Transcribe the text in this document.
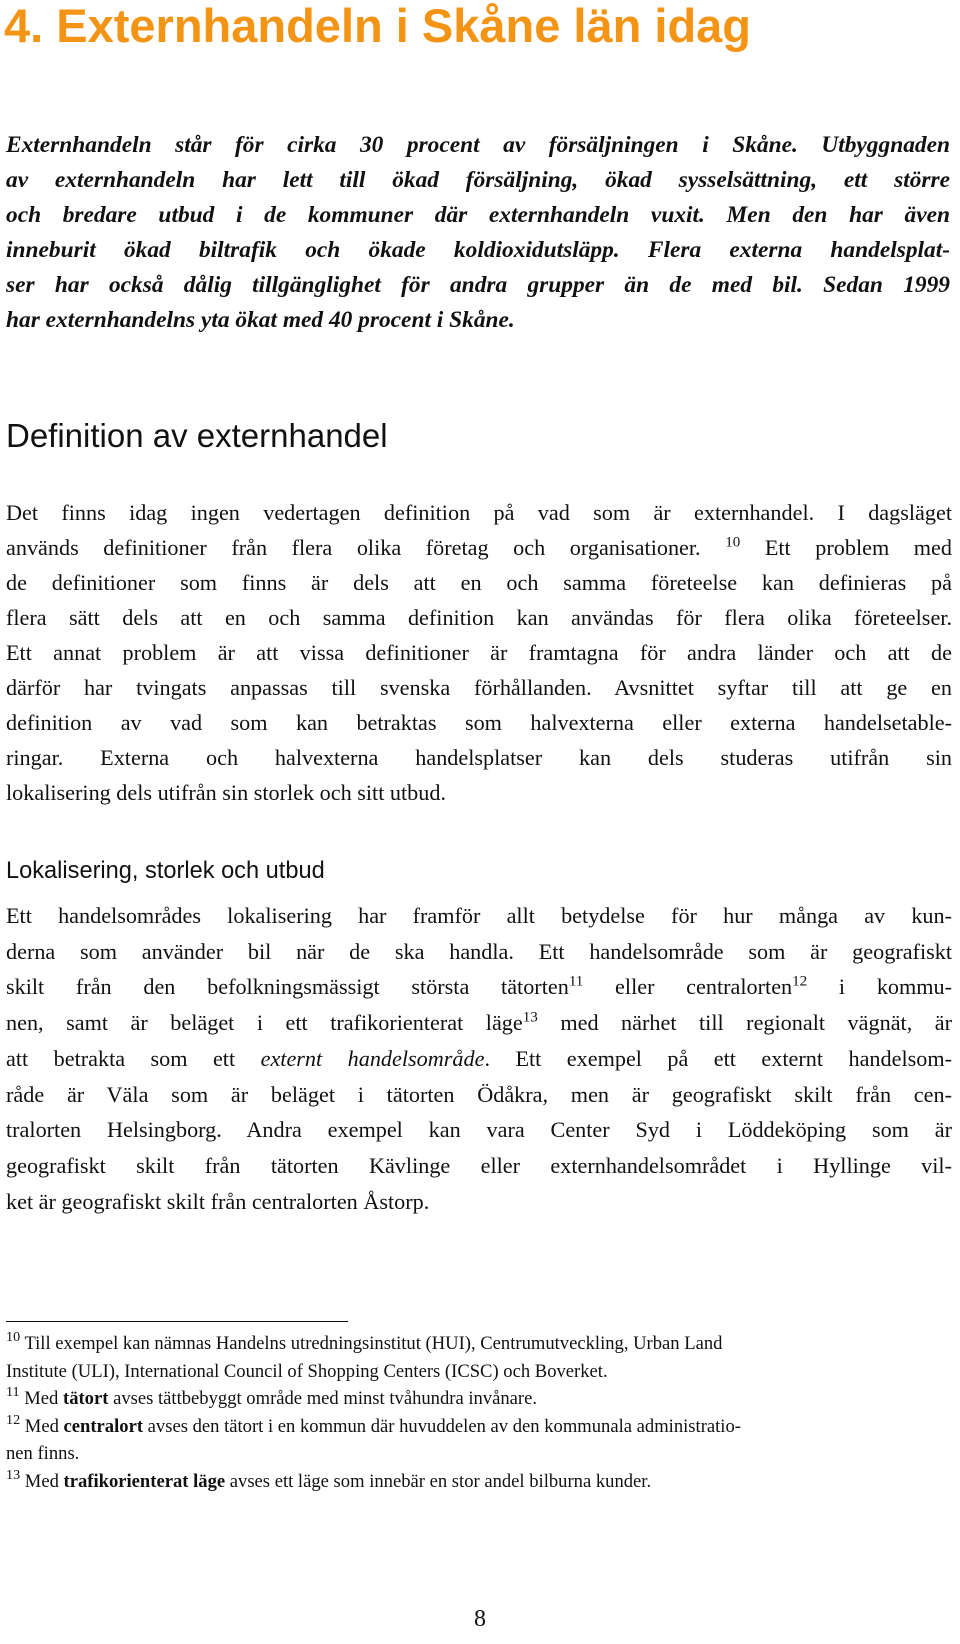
4. Externhandeln i Skåne län idag
Externhandeln står för cirka 30 procent av försäljningen i Skåne. Utbyggnaden
av externhandeln har lett till ökad försäljning, ökad sysselsättning, ett större
och bredare utbud i de kommuner där externhandeln vuxit. Men den har även
inneburit ökad biltrafik och ökade koldioxidutsläpp. Flera externa handelsplat-
ser har också dålig tillgänglighet för andra grupper än de med bil. Sedan 1999
har externhandelns yta ökat med 40 procent i Skåne.
Definition av externhandel
Det finns idag ingen vedertagen definition på vad som är externhandel. I dagsläget
används definitioner från flera olika företag och organisationer. $^{10}$ Ett problem med
de definitioner som finns är dels att en och samma företeelse kan definieras på
flera sätt dels att en och samma definition kan användas för flera olika företeelser.
Ett annat problem är att vissa definitioner är framtagna för andra länder och att de
därför har tvingats anpassas till svenska förhållanden. Avsnittet syftar till att ge en
definition av vad som kan betraktas som halvexterna eller externa handelsetable-
ringar. Externa och halvexterna handelsplatser kan dels studeras utifrån sin
lokalisering dels utifrån sin storlek och sitt utbud.
Lokalisering, storlek och utbud
Ett handelsområdes lokalisering har framför allt betydelse för hur många av kun-
derna som använder bil när de ska handla. Ett handelsområde som är geografiskt
skilt från den befolkningsmässigt största tätorten$^{11}$ eller centralorten$^{12}$ i kommu-
nen, samt är beläget i ett trafikorienterat läge$^{13}$ med närhet till regionalt vägnät, är
att betrakta som ett externt handelsområde. Ett exempel på ett externt handelsom-
råde är Väla som är beläget i tätorten Ödåkra, men är geografiskt skilt från cen-
tralorten Helsingborg. Andra exempel kan vara Center Syd i Löddeköping som är
geografiskt skilt från tätorten Kävlinge eller externhandelsområdet i Hyllinge vil-
ket är geografiskt skilt från centralorten Åstorp.

$^{10}$ Till exempel kan nämnas Handelns utredningsinstitut (HUI), Centrumutveckling, Urban Land
Institute (ULI), International Council of Shopping Centers (ICSC) och Boverket.

$^{11}$ Med tätort avses tättbebyggt område med minst tvåhundra invånare.

$^{12}$ Med centralort avses den tätort i en kommun där huvuddelen av den kommunala administratio-
nen finns.

$^{13}$ Med trafikorienterat läge avses ett läge som innebär en stor andel bilburna kunder.

8
